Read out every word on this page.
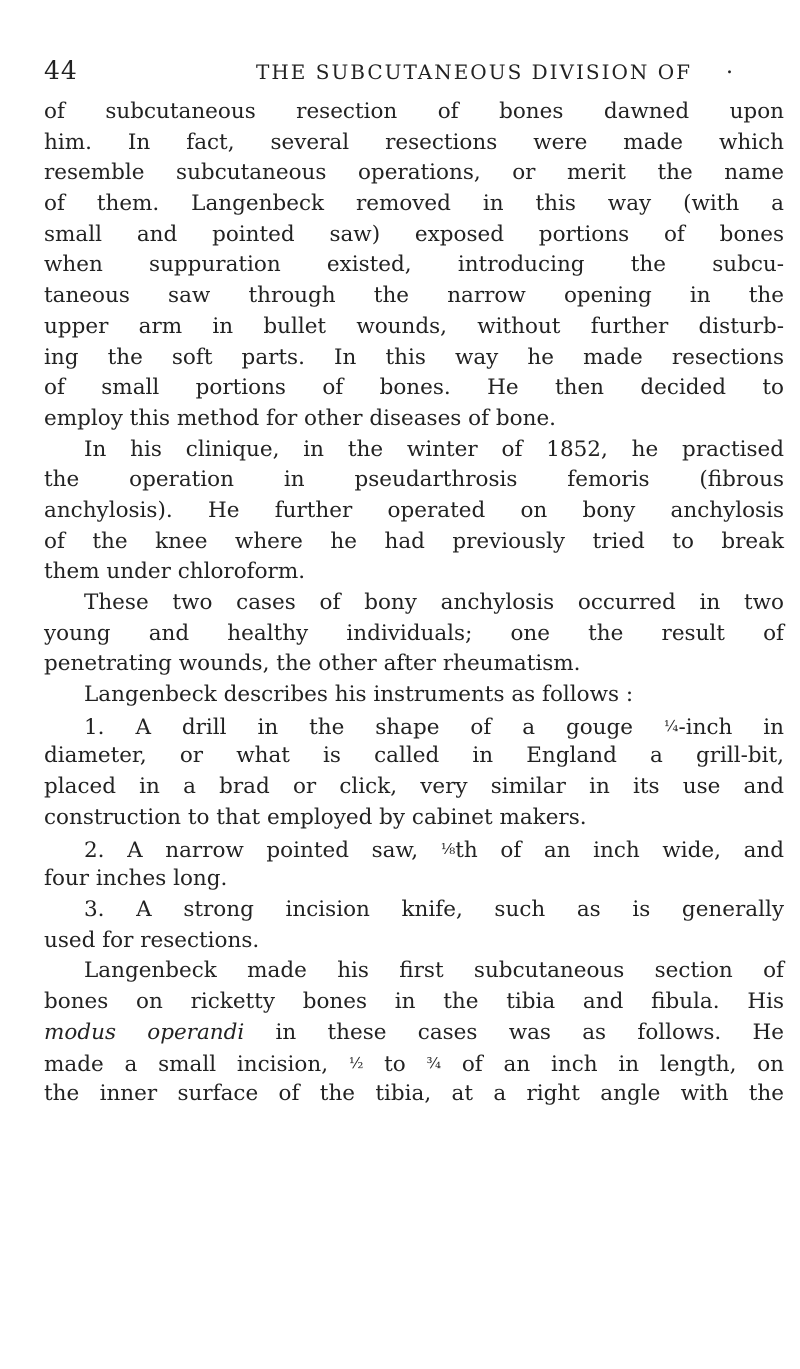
44	THE SUBCUTANEOUS DIVISION OF .
of subcutaneous resection of bones dawned upon
him. In fact, several resections were made which
resemble subcutaneous operations, or merit the name
of them. Langenbeck removed in this way (with a
small and pointed saw) exposed portions of bones
when suppuration existed, introducing the subcu-
taneous saw through the narrow opening in the
upper arm in bullet wounds, without further disturb-
ing the soft parts. In this way he made resections
of small portions of bones. He then decided to
employ this method for other diseases of bone.
In his clinique, in the winter of 1852, he practised
the operation in pseudarthrosis femoris (fibrous
anchylosis). He further operated on bony anchylosis
of the knee where he had previously tried to break
them under chloroform.
These two cases of bony anchylosis occurred in two
young and healthy individuals; one the result of
penetrating wounds, the other after rheumatism.
Langenbeck describes his instruments as follows :
1. A drill in the shape of a gouge ¼-inch in
diameter, or what is called in England a grill-bit,
placed in a brad or click, very similar in its use and
construction to that employed by cabinet makers.
2. A narrow pointed saw, ⅛th of an inch wide, and
four inches long.
3. A strong incision knife, such as is generally
used for resections.
Langenbeck made his first subcutaneous section of
bones on ricketty bones in the tibia and fibula. His
modus operandi in these cases was as follows. He
made a small incision, ½ to ¾ of an inch in length, on
the inner surface of the tibia, at a right angle with the
